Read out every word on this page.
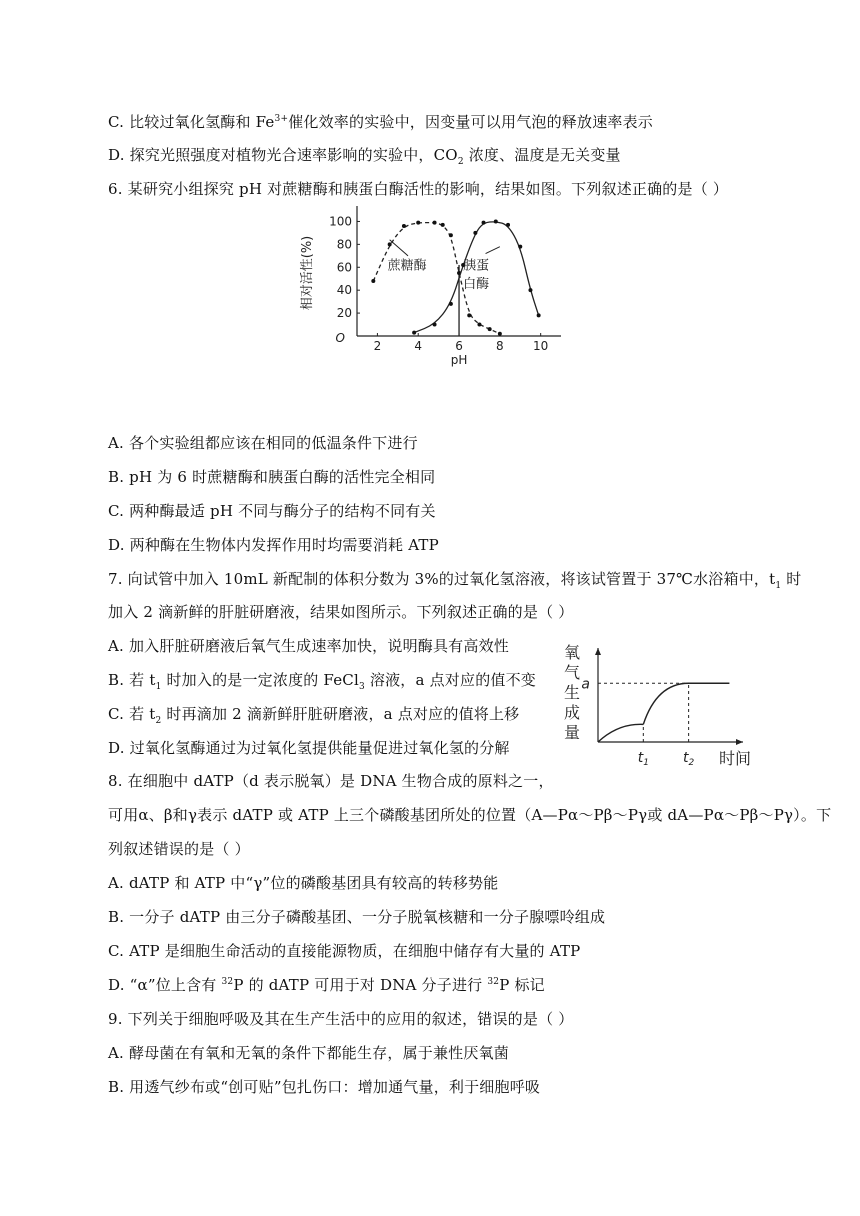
C. 比较过氧化氢酶和 $Fe^{3+}$催化效率的实验中，因变量可以用气泡的释放速率表示
D. 探究光照强度对植物光合速率影响的实验中，$CO_2$ 浓度、温度是无关变量
6. 某研究小组探究 pH 对蔗糖酶和胰蛋白酶活性的影响，结果如图。下列叙述正确的是（ ）
2	4	6	8 10
20
40
60
80
100
O
pH
相对活性(%)	蔗糖酶	胰蛋
白酶
A. 各个实验组都应该在相同的低温条件下进行
B. pH 为 6 时蔗糖酶和胰蛋白酶的活性完全相同
C. 两种酶最适 pH 不同与酶分子的结构不同有关
D. 两种酶在生物体内发挥作用时均需要消耗 ATP
7. 向试管中加入 10mL 新配制的体积分数为 3%的过氧化氢溶液，将该试管置于 37℃水浴箱中，$t_1$ 时
加入 2 滴新鲜的肝脏研磨液，结果如图所示。下列叙述正确的是（ ）
A. 加入肝脏研磨液后氧气生成速率加快，说明酶具有高效性
B. 若 $t_1$ 时加入的是一定浓度的 FeCl$_3$ 溶液，a 点对应的值不变
C. 若 $t_2$ 时再滴加 2 滴新鲜肝脏研磨液，a 点对应的值将上移
D. 过氧化氢酶通过为过氧化氢提供能量促进过氧化氢的分解
氧
气
生
成
量
时间
a
$t_1$ $t_2$
8. 在细胞中 dATP（d 表示脱氧）是 DNA 生物合成的原料之一，
可用α、β和γ表示 dATP 或 ATP 上三个磷酸基团所处的位置（A—Pα～Pβ～Pγ或 dA—Pα～Pβ～Pγ）。下
列叙述错误的是（ ）
A. dATP 和 ATP 中“γ”位的磷酸基团具有较高的转移势能
B. 一分子 dATP 由三分子磷酸基团、一分子脱氧核糖和一分子腺嘌呤组成
C. ATP 是细胞生命活动的直接能源物质，在细胞中储存有大量的 ATP
D. “α”位上含有 $^{32}$P 的 dATP 可用于对 DNA 分子进行 $^{32}$P 标记
9. 下列关于细胞呼吸及其在生产生活中的应用的叙述，错误的是（ ）
A. 酵母菌在有氧和无氧的条件下都能生存，属于兼性厌氧菌
B. 用透气纱布或“创可贴”包扎伤口：增加通气量，利于细胞呼吸
